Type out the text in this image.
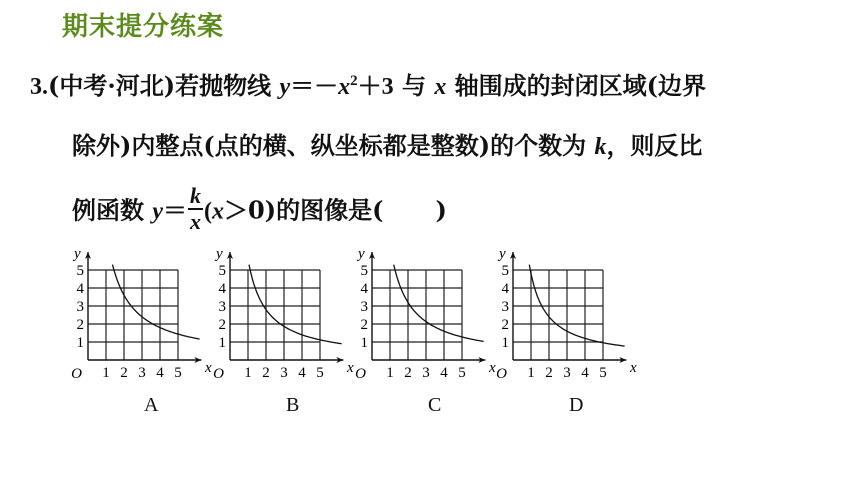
期末提分练案
3.(中考·河北)若抛物线 $y=-x^2+3$ 与 x 轴围成的封闭区域(边界
除外)内整点(点的横、纵坐标都是整数)的个数为 k，则反比
例函数 $y= \frac{k}{x} (x>0)$的图像是( )
5
4
3
2
1
1 2 3 4 5
O	x
y
A
5
4
3
2
1
1 2 3 4 5
O	x
y
B
5
4
3
2
1
1 2 3 4 5
O	x
y
C
5
4
3
2
1
1 2 3 4 5
O	x
y
D
